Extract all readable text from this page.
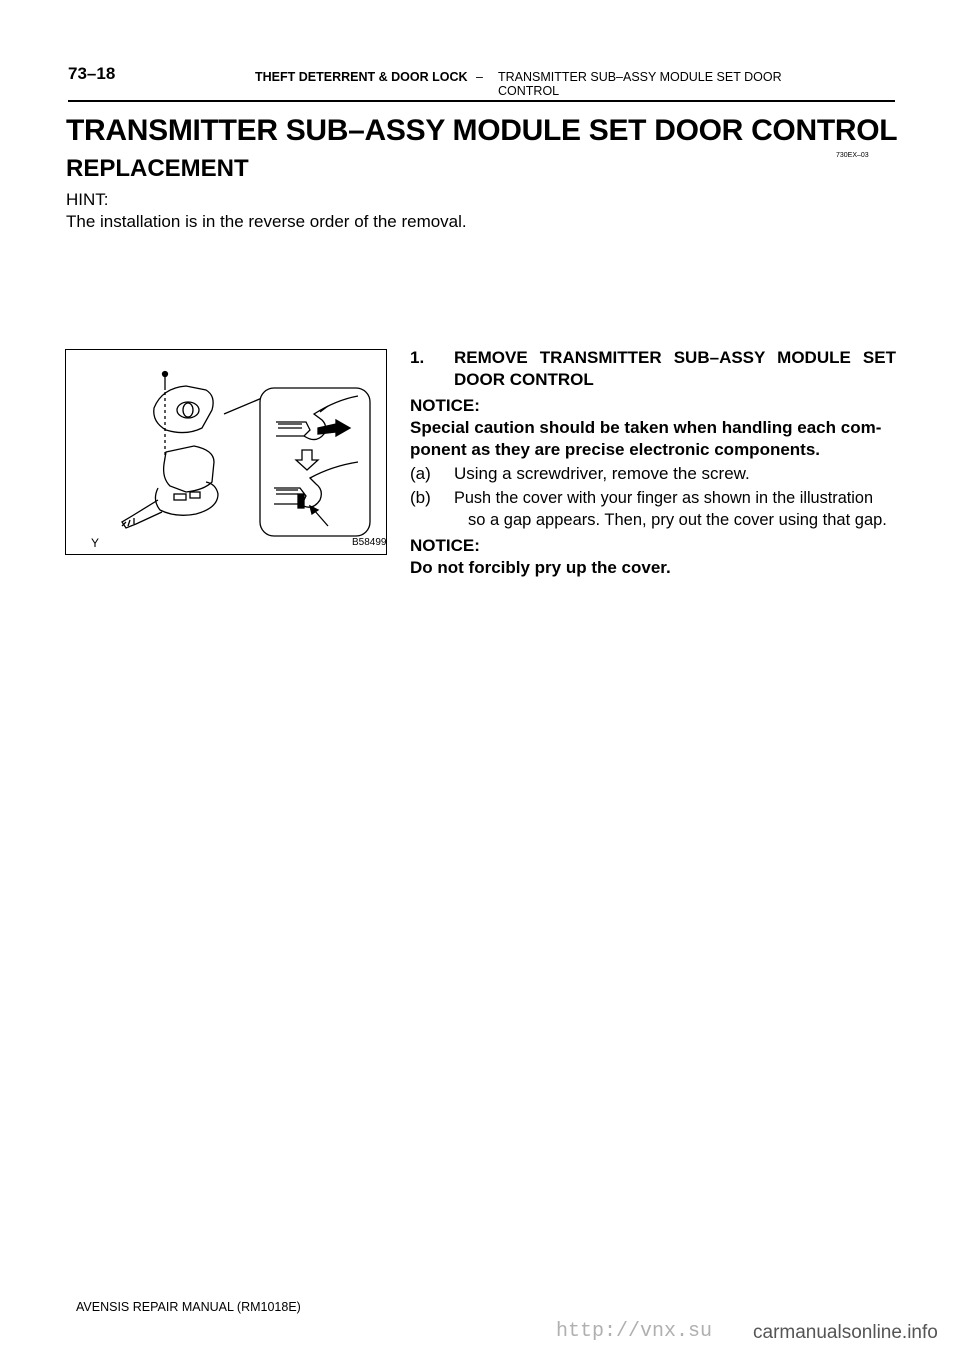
73–18	THEFT DETERRENT & DOOR LOCK – TRANSMITTER SUB–ASSY MODULE SET DOOR
CONTROL
TRANSMITTER SUB–ASSY MODULE SET DOOR CONTROL
730EX–03
REPLACEMENT
HINT:
The installation is in the reverse order of the removal.
Y	B58499
1. REMOVE TRANSMITTER SUB–ASSY MODULE SET
DOOR CONTROL
NOTICE:
Special caution should be taken when handling each com-
ponent as they are precise electronic components.
(a) Using a screwdriver, remove the screw.
(b) Push the cover with your finger as shown in the illustration
so a gap appears. Then, pry out the cover using that gap.
NOTICE:
Do not forcibly pry up the cover.
AVENSIS REPAIR MANUAL (RM1018E)
http://vnx.su carmanualsonline.info
